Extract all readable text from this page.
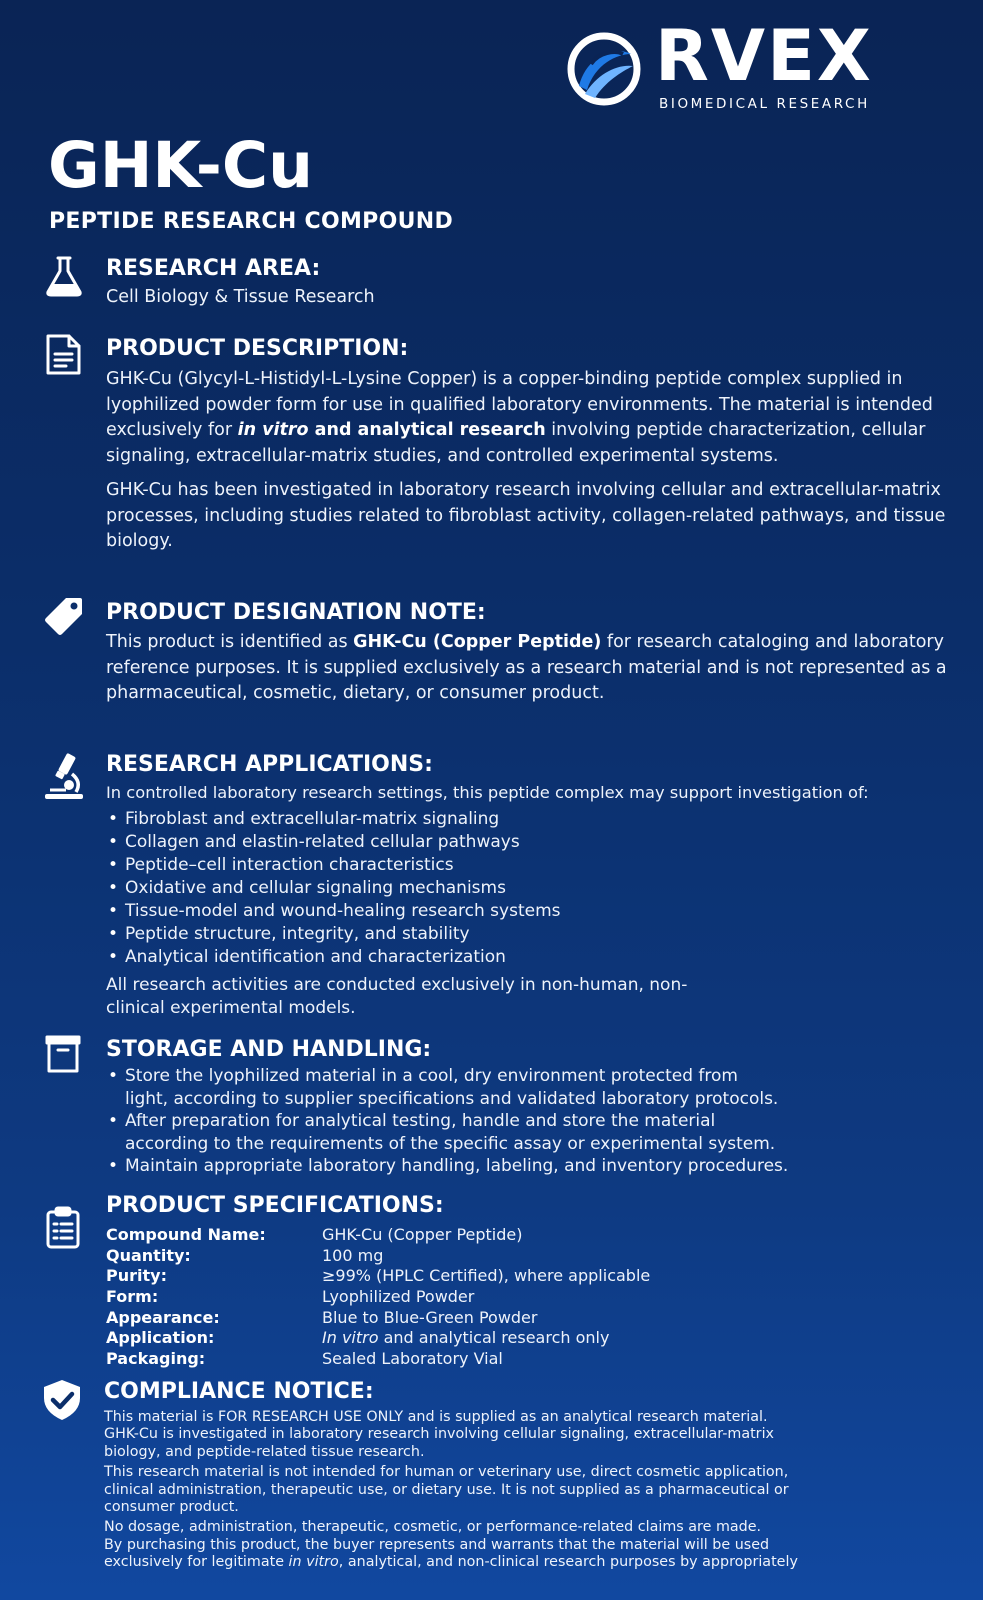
RVEX
BIOMEDICAL RESEARCH
GHK-Cu
PEPTIDE RESEARCH COMPOUND
RESEARCH AREA:

Cell Biology & Tissue Research

PRODUCT DESCRIPTION:

GHK-Cu (Glycyl-L-Histidyl-L-Lysine Copper) is a copper-binding peptide complex supplied in lyophilized powder form for use in qualified laboratory environments. The material is intended exclusively for in vitro and analytical research involving peptide characterization, cellular signaling, extracellular-matrix studies, and controlled experimental systems.

GHK-Cu has been investigated in laboratory research involving cellular and extracellular-matrix processes, including studies related to fibroblast activity, collagen-related pathways, and tissue biology.

PRODUCT DESIGNATION NOTE:

This product is identified as GHK-Cu (Copper Peptide) for research cataloging and laboratory reference purposes. It is supplied exclusively as a research material and is not represented as a pharmaceutical, cosmetic, dietary, or consumer product.

RESEARCH APPLICATIONS:

In controlled laboratory research settings, this peptide complex may support investigation of:

• Fibroblast and extracellular-matrix signaling
• Collagen and elastin-related cellular pathways
• Peptide–cell interaction characteristics
• Oxidative and cellular signaling mechanisms
• Tissue-model and wound-healing research systems
• Peptide structure, integrity, and stability
• Analytical identification and characterization

All research activities are conducted exclusively in non-human, non-clinical experimental models.

STORAGE AND HANDLING:
• Store the lyophilized material in a cool, dry environment protected from light, according to supplier specifications and validated laboratory protocols.
• After preparation for analytical testing, handle and store the material according to the requirements of the specific assay or experimental system.
• Maintain appropriate laboratory handling, labeling, and inventory procedures.
PRODUCT SPECIFICATIONS:
Compound Name:	GHK-Cu (Copper Peptide)
Quantity:	100 mg
Purity:	≥99% (HPLC Certified), where applicable
Form:	Lyophilized Powder
Appearance:	Blue to Blue-Green Powder
Application:	In vitro and analytical research only
Packaging:	Sealed Laboratory Vial
COMPLIANCE NOTICE:

This material is FOR RESEARCH USE ONLY and is supplied as an analytical research material. GHK-Cu is investigated in laboratory research involving cellular signaling, extracellular-matrix biology, and peptide-related tissue research.

This research material is not intended for human or veterinary use, direct cosmetic application, clinical administration, therapeutic use, or dietary use. It is not supplied as a pharmaceutical or consumer product.

No dosage, administration, therapeutic, cosmetic, or performance-related claims are made.

By purchasing this product, the buyer represents and warrants that the material will be used exclusively for legitimate in vitro, analytical, and non-clinical research purposes by appropriately
